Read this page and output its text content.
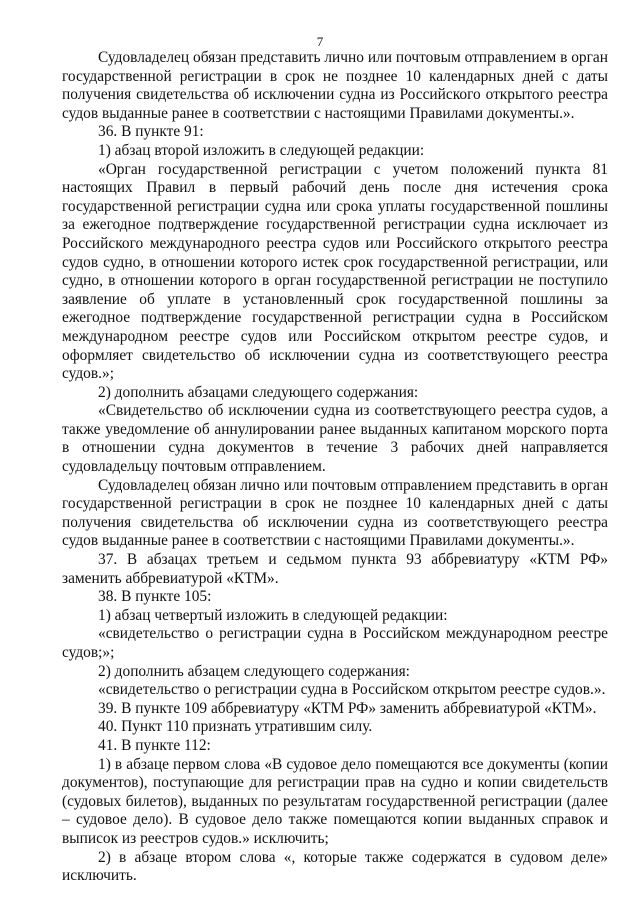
7

Судовладелец обязан представить лично или почтовым отправлением в орган государственной регистрации в срок не позднее 10 календарных дней с даты получения свидетельства об исключении судна из Российского открытого реестра судов выданные ранее в соответствии с настоящими Правилами документы.».

36. В пункте 91:

1) абзац второй изложить в следующей редакции:

«Орган государственной регистрации с учетом положений пункта 81 настоящих Правил в первый рабочий день после дня истечения срока государственной регистрации судна или срока уплаты государственной пошлины за ежегодное подтверждение государственной регистрации судна исключает из Российского международного реестра судов или Российского открытого реестра судов судно, в отношении которого истек срок государственной регистрации, или судно, в отношении которого в орган государственной регистрации не поступило заявление об уплате в установленный срок государственной пошлины за ежегодное подтверждение государственной регистрации судна в Российском международном реестре судов или Российском открытом реестре судов, и оформляет свидетельство об исключении судна из соответствующего реестра судов.»;

2) дополнить абзацами следующего содержания:

«Свидетельство об исключении судна из соответствующего реестра судов, а также уведомление об аннулировании ранее выданных капитаном морского порта в отношении судна документов в течение 3 рабочих дней направляется судовладельцу почтовым отправлением.

Судовладелец обязан лично или почтовым отправлением представить в орган государственной регистрации в срок не позднее 10 календарных дней с даты получения свидетельства об исключении судна из соответствующего реестра судов выданные ранее в соответствии с настоящими Правилами документы.».

37. В абзацах третьем и седьмом пункта 93 аббревиатуру «КТМ РФ» заменить аббревиатурой «КТМ».

38. В пункте 105:

1) абзац четвертый изложить в следующей редакции:

«свидетельство о регистрации судна в Российском международном реестре судов;»;

2) дополнить абзацем следующего содержания:

«свидетельство о регистрации судна в Российском открытом реестре судов.».

39. В пункте 109 аббревиатуру «КТМ РФ» заменить аббревиатурой «КТМ».

40. Пункт 110 признать утратившим силу.

41. В пункте 112:

1) в абзаце первом слова «В судовое дело помещаются все документы (копии документов), поступающие для регистрации прав на судно и копии свидетельств (судовых билетов), выданных по результатам государственной регистрации (далее – судовое дело). В судовое дело также помещаются копии выданных справок и выписок из реестров судов.» исключить;

2) в абзаце втором слова «, которые также содержатся в судовом деле» исключить.
